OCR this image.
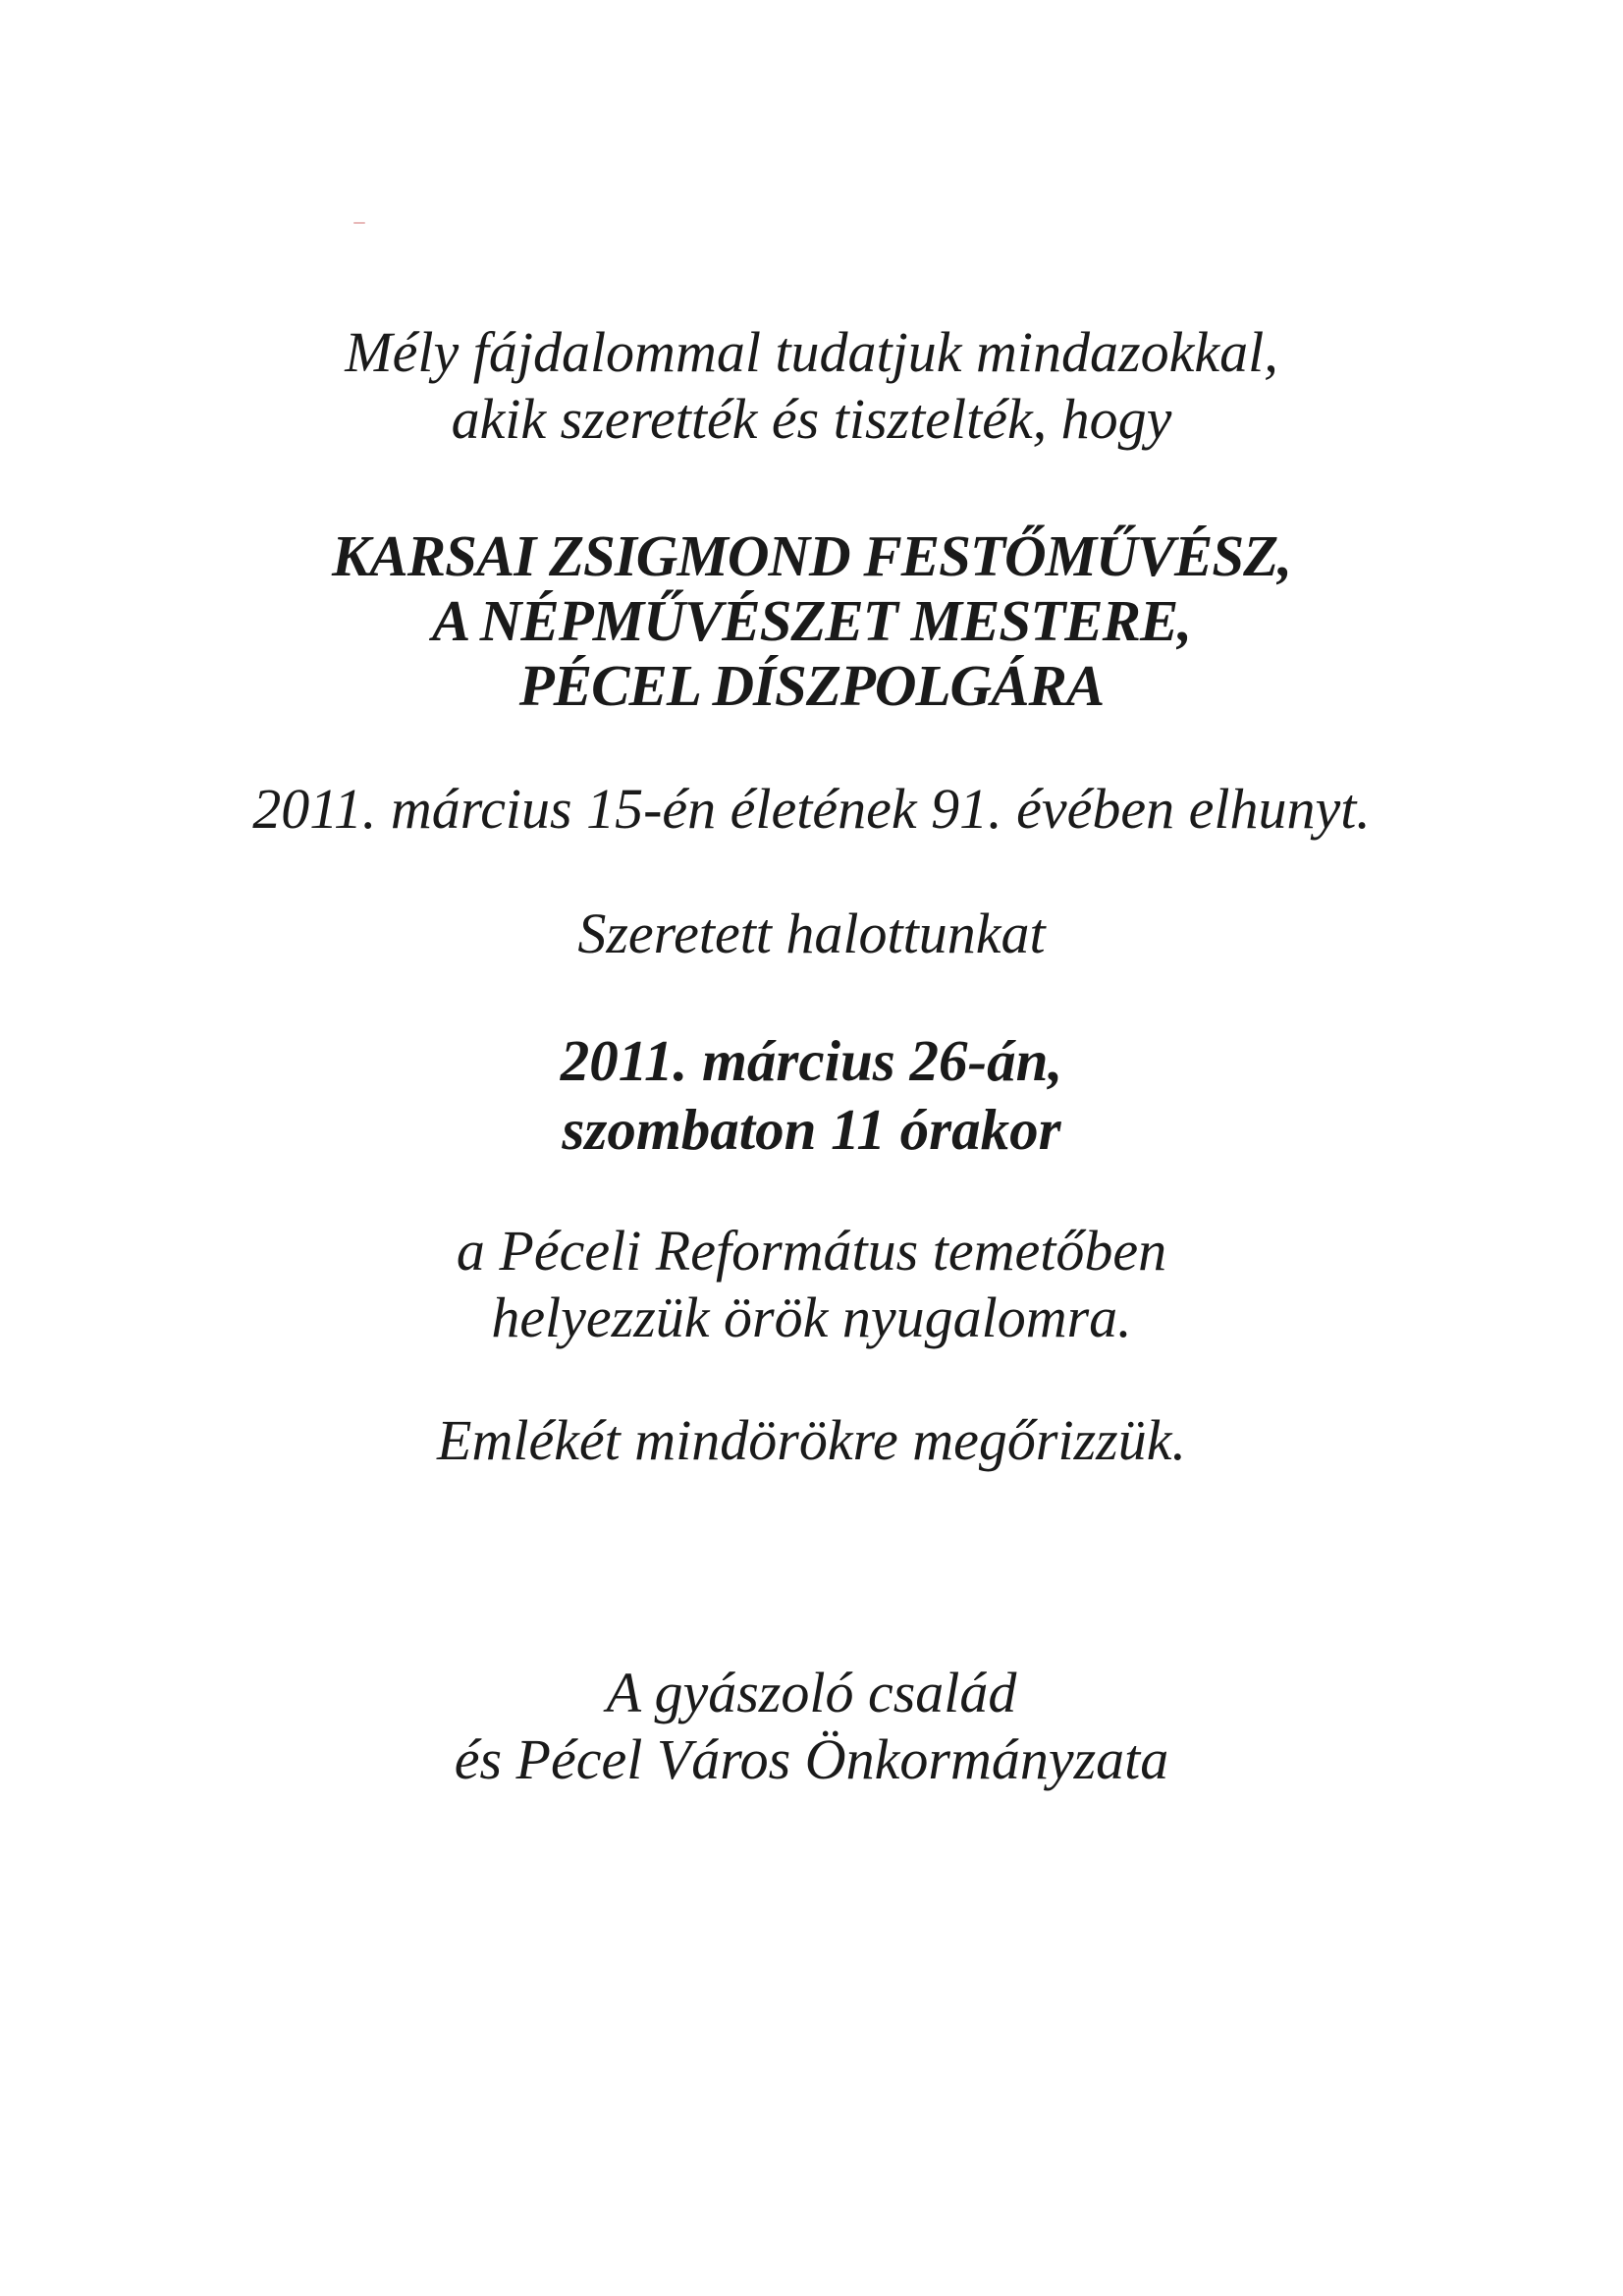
Mély fájdalommal tudatjuk mindazokkal,
akik szerették és tisztelték, hogy
KARSAI ZSIGMOND FESTŐMŰVÉSZ,
A NÉPMŰVÉSZET MESTERE,
PÉCEL DÍSZPOLGÁRA
2011. március 15-én életének 91. évében elhunyt.
Szeretett halottunkat
2011. március 26-án,
szombaton 11 órakor
a Péceli Református temetőben
helyezzük örök nyugalomra.
Emlékét mindörökre megőrizzük.
A gyászoló család
és Pécel Város Önkormányzata
